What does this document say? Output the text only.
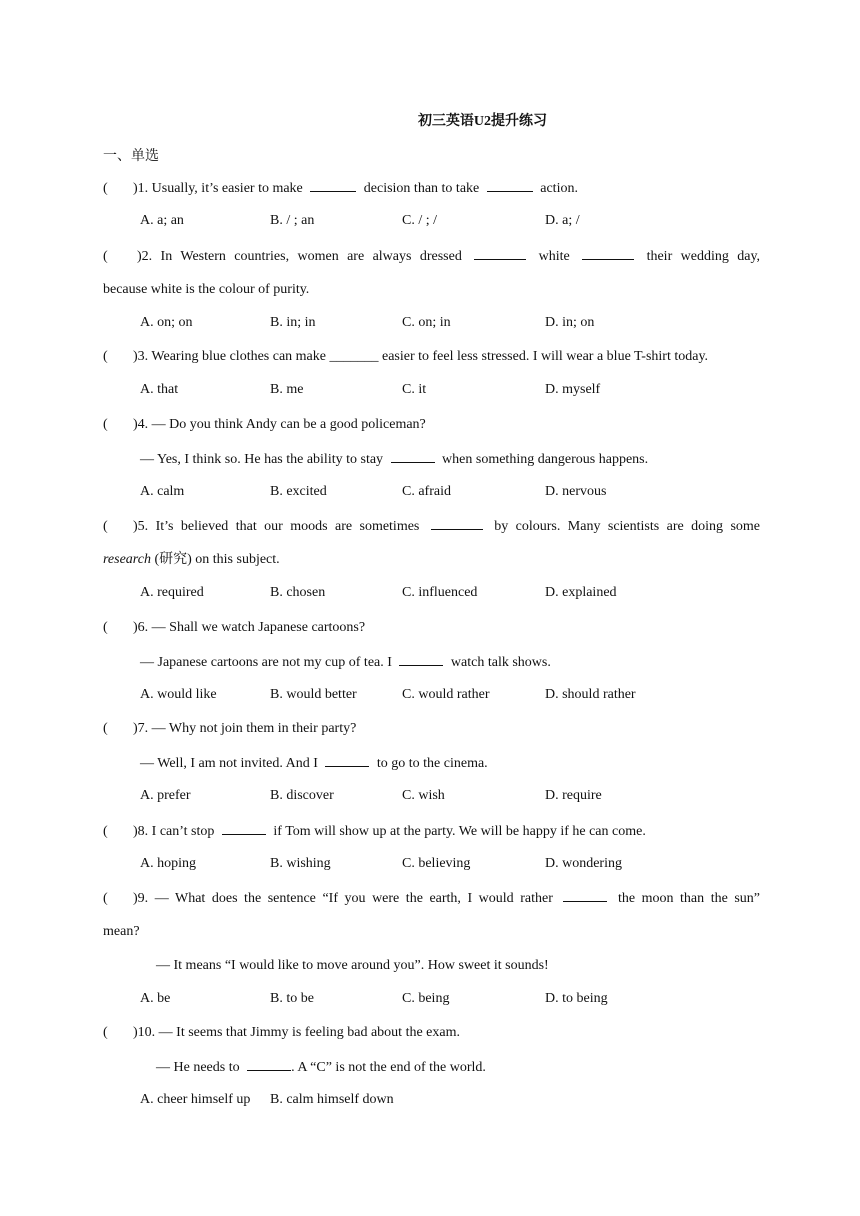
初三英语U2提升练习
一、单选
( )1. Usually, it’s easier to make	decision than to take	action.
A. a; an	B. / ; an	C. / ; /	D. a; /
( )2. In Western countries, women are always dressed	white	their wedding day,
because white is the colour of purity.
A. on; on	B. in; in	C. on; in	D. in; on
( )3. Wearing blue clothes can make _______ easier to feel less stressed. I will wear a blue T-shirt today.
A. that	B. me	C. it	D. myself
( )4. — Do you think Andy can be a good policeman?
— Yes, I think so. He has the ability to stay	when something dangerous happens.
A. calm	B. excited	C. afraid	D. nervous
( )5. It’s believed that our moods are sometimes	by colours. Many scientists are doing some
research (研究) on this subject.
A. required	B. chosen	C. influenced	D. explained
( )6. — Shall we watch Japanese cartoons?
— Japanese cartoons are not my cup of tea. I	watch talk shows.
A. would like	B. would better	C. would rather	D. should rather
( )7. — Why not join them in their party?
— Well, I am not invited. And I	to go to the cinema.
A. prefer	B. discover	C. wish	D. require
( )8. I can’t stop	if Tom will show up at the party. We will be happy if he can come.
A. hoping	B. wishing	C. believing	D. wondering
( )9. — What does the sentence “If you were the earth, I would rather	the moon than the sun”
mean?
— It means “I would like to move around you”. How sweet it sounds!
A. be	B. to be	C. being	D. to being
( )10. — It seems that Jimmy is feeling bad about the exam.
— He needs to	. A “C” is not the end of the world.
A. cheer himself up B. calm himself down
